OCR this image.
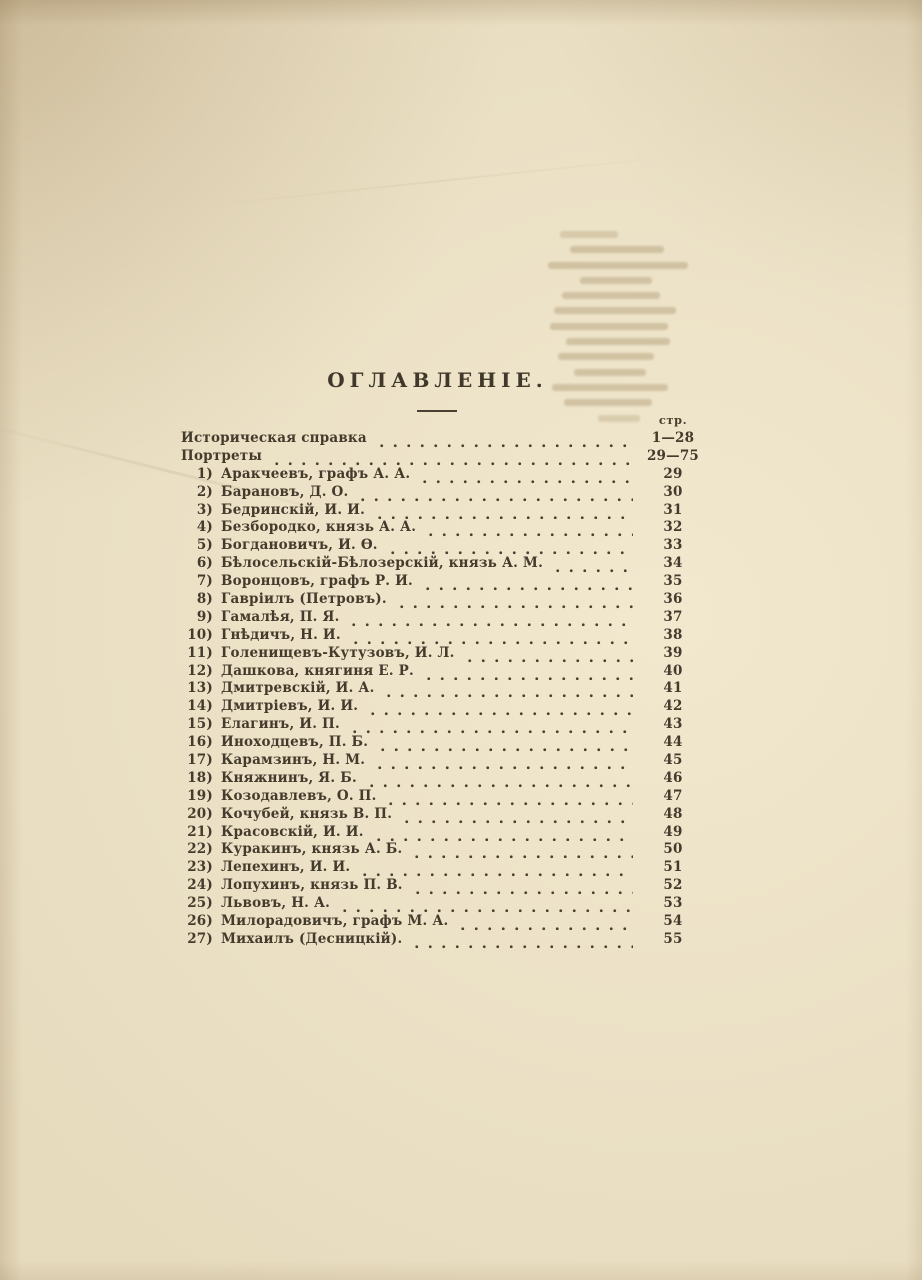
ОГЛАВЛЕНІЕ.
стр.
Историческая справка	1—28
Портреты	29—75
1) Аракчеевъ, графъ А. А.	29
2) Барановъ, Д. О.	30
3) Бедринскій, И. И.	31
4) Безбородко, князь А. А.	32
5) Богдановичъ, И. Ѳ.	33
6) Бѣлосельскій-Бѣлозерскій, князь А. М.	34
7) Воронцовъ, графъ Р. И.	35
8) Гавріилъ (Петровъ).	36
9) Гамалѣя, П. Я.	37
10) Гнѣдичъ, Н. И.	38
11) Голенищевъ-Кутузовъ, И. Л.	39
12) Дашкова, княгиня Е. Р.	40
13) Дмитревскій, И. А.	41
14) Дмитріевъ, И. И.	42
15) Елагинъ, И. П.	43
16) Иноходцевъ, П. Б.	44
17) Карамзинъ, Н. М.	45
18) Княжнинъ, Я. Б.	46
19) Козодавлевъ, О. П.	47
20) Кочубей, князь В. П.	48
21) Красовскій, И. И.	49
22) Куракинъ, князь А. Б.	50
23) Лепехинъ, И. И.	51
24) Лопухинъ, князь П. В.	52
25) Львовъ, Н. А.	53
26) Милорадовичъ, графъ М. А.	54
27) Михаилъ (Десницкій).	55
